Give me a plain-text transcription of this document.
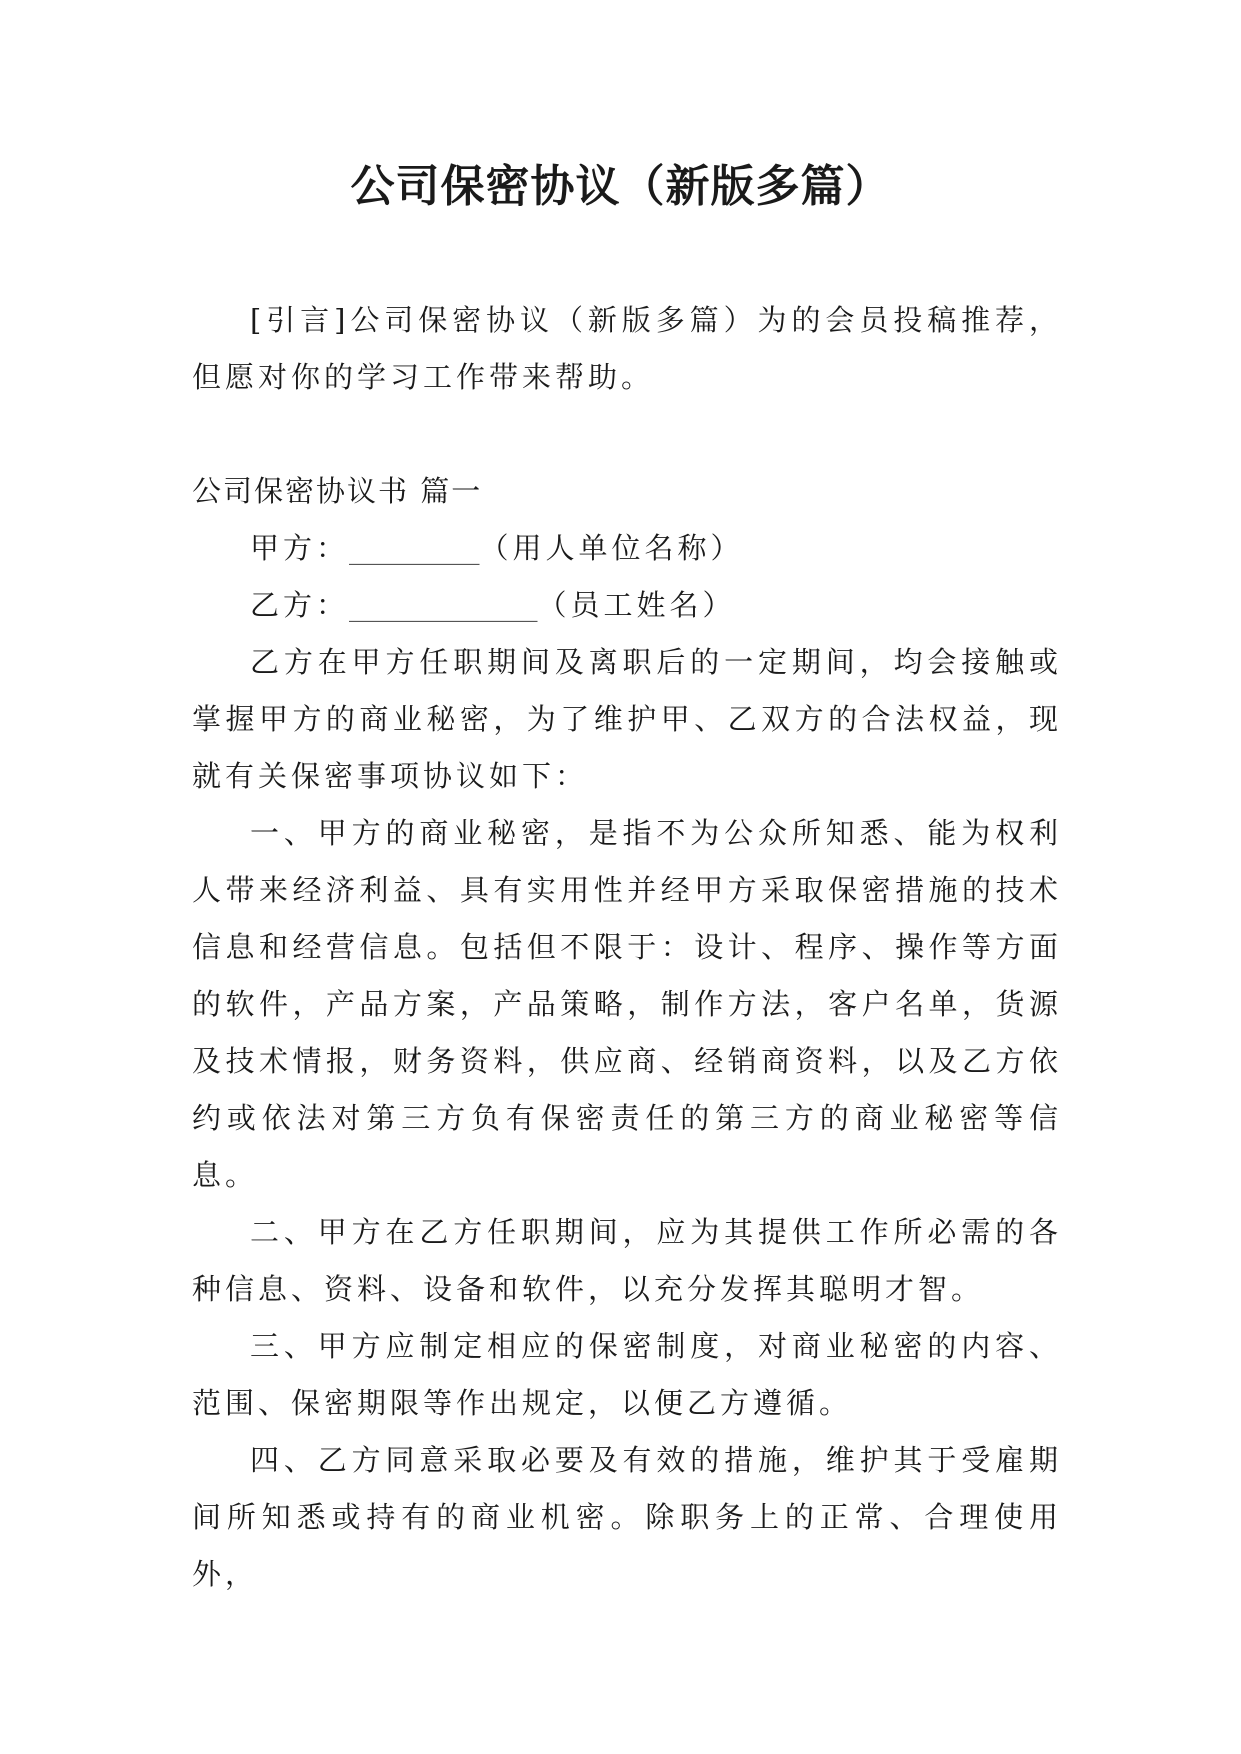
公司保密协议（新版多篇）

[引言]公司保密协议（新版多篇）为的会员投稿推荐，但愿对你的学习工作带来帮助。

公司保密协议书 篇一

甲方：_________（用人单位名称）

乙方：_____________（员工姓名）

乙方在甲方任职期间及离职后的一定期间，均会接触或掌握甲方的商业秘密，为了维护甲、乙双方的合法权益，现就有关保密事项协议如下：

一、甲方的商业秘密，是指不为公众所知悉、能为权利人带来经济利益、具有实用性并经甲方采取保密措施的技术信息和经营信息。包括但不限于：设计、程序、操作等方面的软件，产品方案，产品策略，制作方法，客户名单，货源及技术情报，财务资料，供应商、经销商资料，以及乙方依约或依法对第三方负有保密责任的第三方的商业秘密等信息。

二、甲方在乙方任职期间，应为其提供工作所必需的各种信息、资料、设备和软件，以充分发挥其聪明才智。

三、甲方应制定相应的保密制度，对商业秘密的内容、范围、保密期限等作出规定，以便乙方遵循。

四、乙方同意采取必要及有效的措施，维护其于受雇期间所知悉或持有的商业机密。除职务上的正常、合理使用外，
